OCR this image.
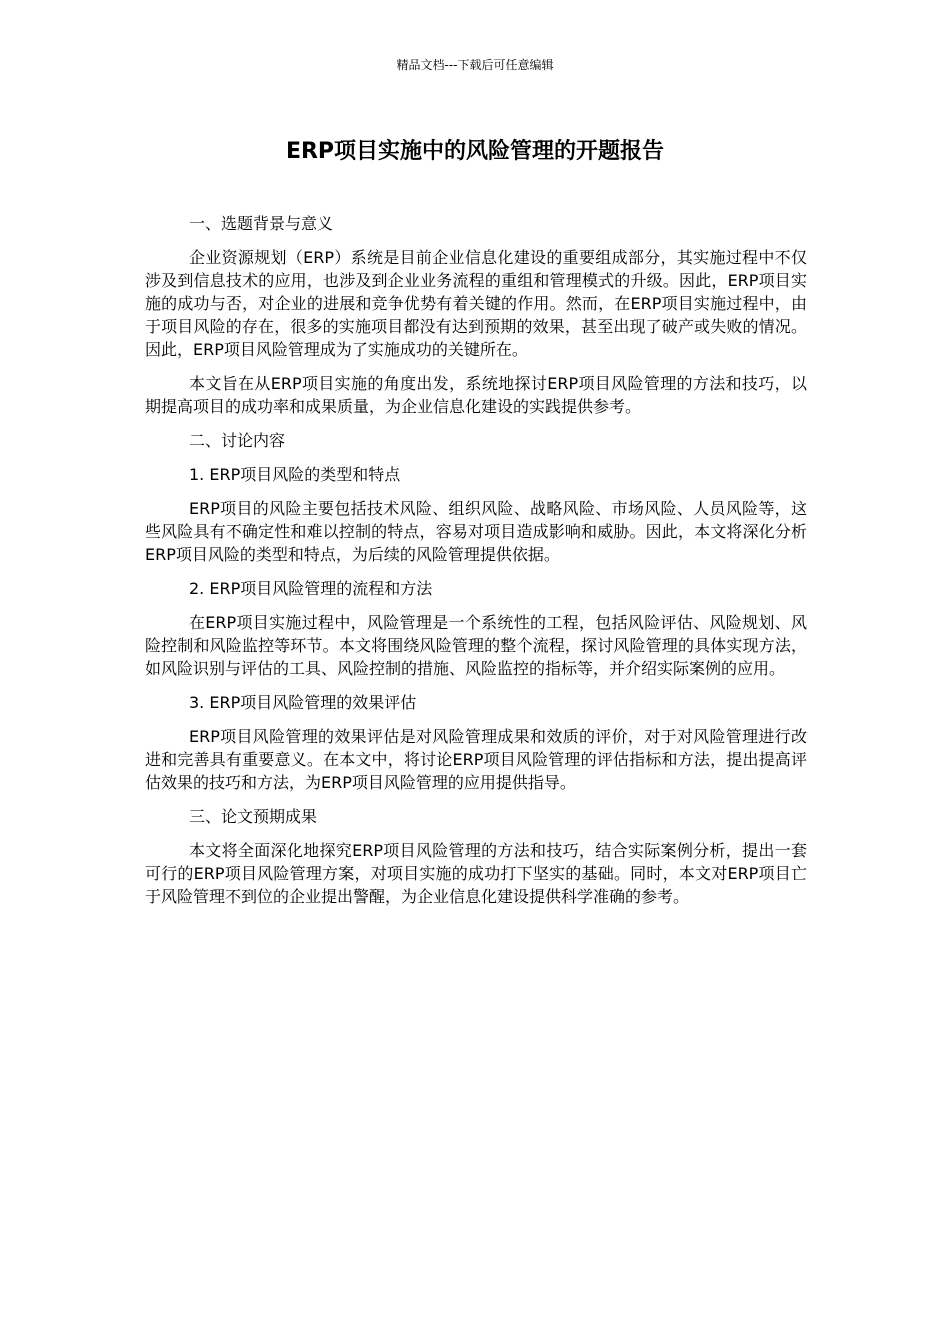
精品文档---下载后可任意编辑
ERP项目实施中的风险管理的开题报告

一、选题背景与意义

企业资源规划（ERP）系统是目前企业信息化建设的重要组成部分，其实施过程中不仅涉及到信息技术的应用，也涉及到企业业务流程的重组和管理模式的升级。因此，ERP项目实施的成功与否，对企业的进展和竞争优势有着关键的作用。然而，在ERP项目实施过程中，由于项目风险的存在，很多的实施项目都没有达到预期的效果，甚至出现了破产或失败的情况。因此，ERP项目风险管理成为了实施成功的关键所在。

本文旨在从ERP项目实施的角度出发，系统地探讨ERP项目风险管理的方法和技巧，以期提高项目的成功率和成果质量，为企业信息化建设的实践提供参考。

二、讨论内容

1. ERP项目风险的类型和特点

ERP项目的风险主要包括技术风险、组织风险、战略风险、市场风险、人员风险等，这些风险具有不确定性和难以控制的特点，容易对项目造成影响和威胁。因此，本文将深化分析ERP项目风险的类型和特点，为后续的风险管理提供依据。

2. ERP项目风险管理的流程和方法

在ERP项目实施过程中，风险管理是一个系统性的工程，包括风险评估、风险规划、风险控制和风险监控等环节。本文将围绕风险管理的整个流程，探讨风险管理的具体实现方法，如风险识别与评估的工具、风险控制的措施、风险监控的指标等，并介绍实际案例的应用。

3. ERP项目风险管理的效果评估

ERP项目风险管理的效果评估是对风险管理成果和效质的评价，对于对风险管理进行改进和完善具有重要意义。在本文中，将讨论ERP项目风险管理的评估指标和方法，提出提高评估效果的技巧和方法，为ERP项目风险管理的应用提供指导。

三、论文预期成果

本文将全面深化地探究ERP项目风险管理的方法和技巧，结合实际案例分析，提出一套可行的ERP项目风险管理方案，对项目实施的成功打下坚实的基础。同时，本文对ERP项目亡于风险管理不到位的企业提出警醒，为企业信息化建设提供科学准确的参考。
